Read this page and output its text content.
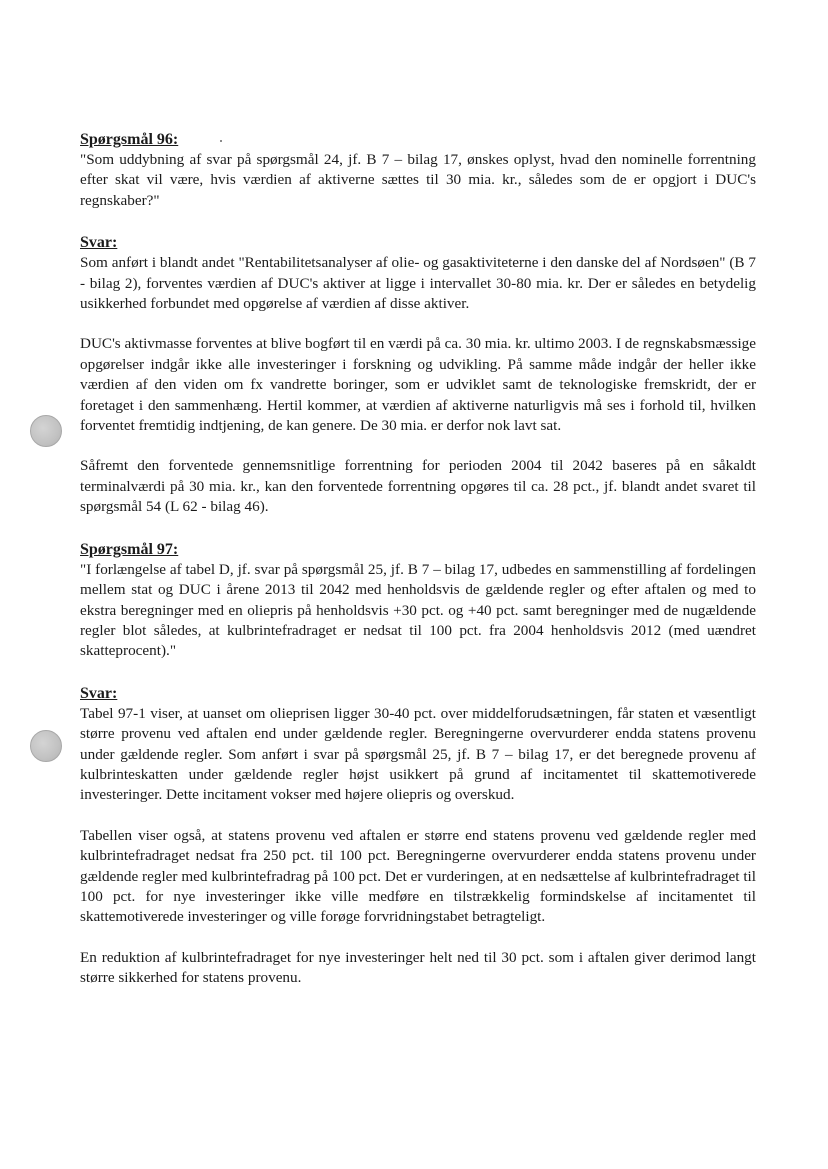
Spørgsmål 96:

"Som uddybning af svar på spørgsmål 24, jf. B 7 – bilag 17, ønskes oplyst, hvad den nominelle forrentning efter skat vil være, hvis værdien af aktiverne sættes til 30 mia. kr., således som de er opgjort i DUC's regnskaber?"

Svar:

Som anført i blandt andet "Rentabilitetsanalyser af olie- og gasaktiviteterne i den danske del af Nordsøen" (B 7 - bilag 2), forventes værdien af DUC's aktiver at ligge i intervallet 30-80 mia. kr. Der er således en betydelig usikkerhed forbundet med opgørelse af værdien af disse aktiver.

DUC's aktivmasse forventes at blive bogført til en værdi på ca. 30 mia. kr. ultimo 2003. I de regnskabsmæssige opgørelser indgår ikke alle investeringer i forskning og udvikling. På samme måde indgår der heller ikke værdien af den viden om fx vandrette boringer, som er udviklet samt de teknologiske fremskridt, der er foretaget i den sammenhæng. Hertil kommer, at værdien af aktiverne naturligvis må ses i forhold til, hvilken forventet fremtidig indtjening, de kan genere. De 30 mia. er derfor nok lavt sat.

Såfremt den forventede gennemsnitlige forrentning for perioden 2004 til 2042 baseres på en såkaldt terminalværdi på 30 mia. kr., kan den forventede forrentning opgøres til ca. 28 pct., jf. blandt andet svaret til spørgsmål 54 (L 62 - bilag 46).

Spørgsmål 97:

"I forlængelse af tabel D, jf. svar på spørgsmål 25, jf. B 7 – bilag 17, udbedes en sammenstilling af fordelingen mellem stat og DUC i årene 2013 til 2042 med henholdsvis de gældende regler og efter aftalen og med to ekstra beregninger med en oliepris på henholdsvis +30 pct. og +40 pct. samt beregninger med de nugældende regler blot således, at kulbrintefradraget er nedsat til 100 pct. fra 2004 henholdsvis 2012 (med uændret skatteprocent)."

Svar:

Tabel 97-1 viser, at uanset om olieprisen ligger 30-40 pct. over middelforudsætningen, får staten et væsentligt større provenu ved aftalen end under gældende regler. Beregningerne overvurderer endda statens provenu under gældende regler. Som anført i svar på spørgsmål 25, jf. B 7 – bilag 17, er det beregnede provenu af kulbrinteskatten under gældende regler højst usikkert på grund af incitamentet til skattemotiverede investeringer. Dette incitament vokser med højere oliepris og overskud.

Tabellen viser også, at statens provenu ved aftalen er større end statens provenu ved gældende regler med kulbrintefradraget nedsat fra 250 pct. til 100 pct. Beregningerne overvurderer endda statens provenu under gældende regler med kulbrintefradrag på 100 pct. Det er vurderingen, at en nedsættelse af kulbrintefradraget til 100 pct. for nye investeringer ikke ville medføre en tilstrækkelig formindskelse af incitamentet til skattemotiverede investeringer og ville forøge forvridningstabet betragteligt.

En reduktion af kulbrintefradraget for nye investeringer helt ned til 30 pct. som i aftalen giver derimod langt større sikkerhed for statens provenu.
